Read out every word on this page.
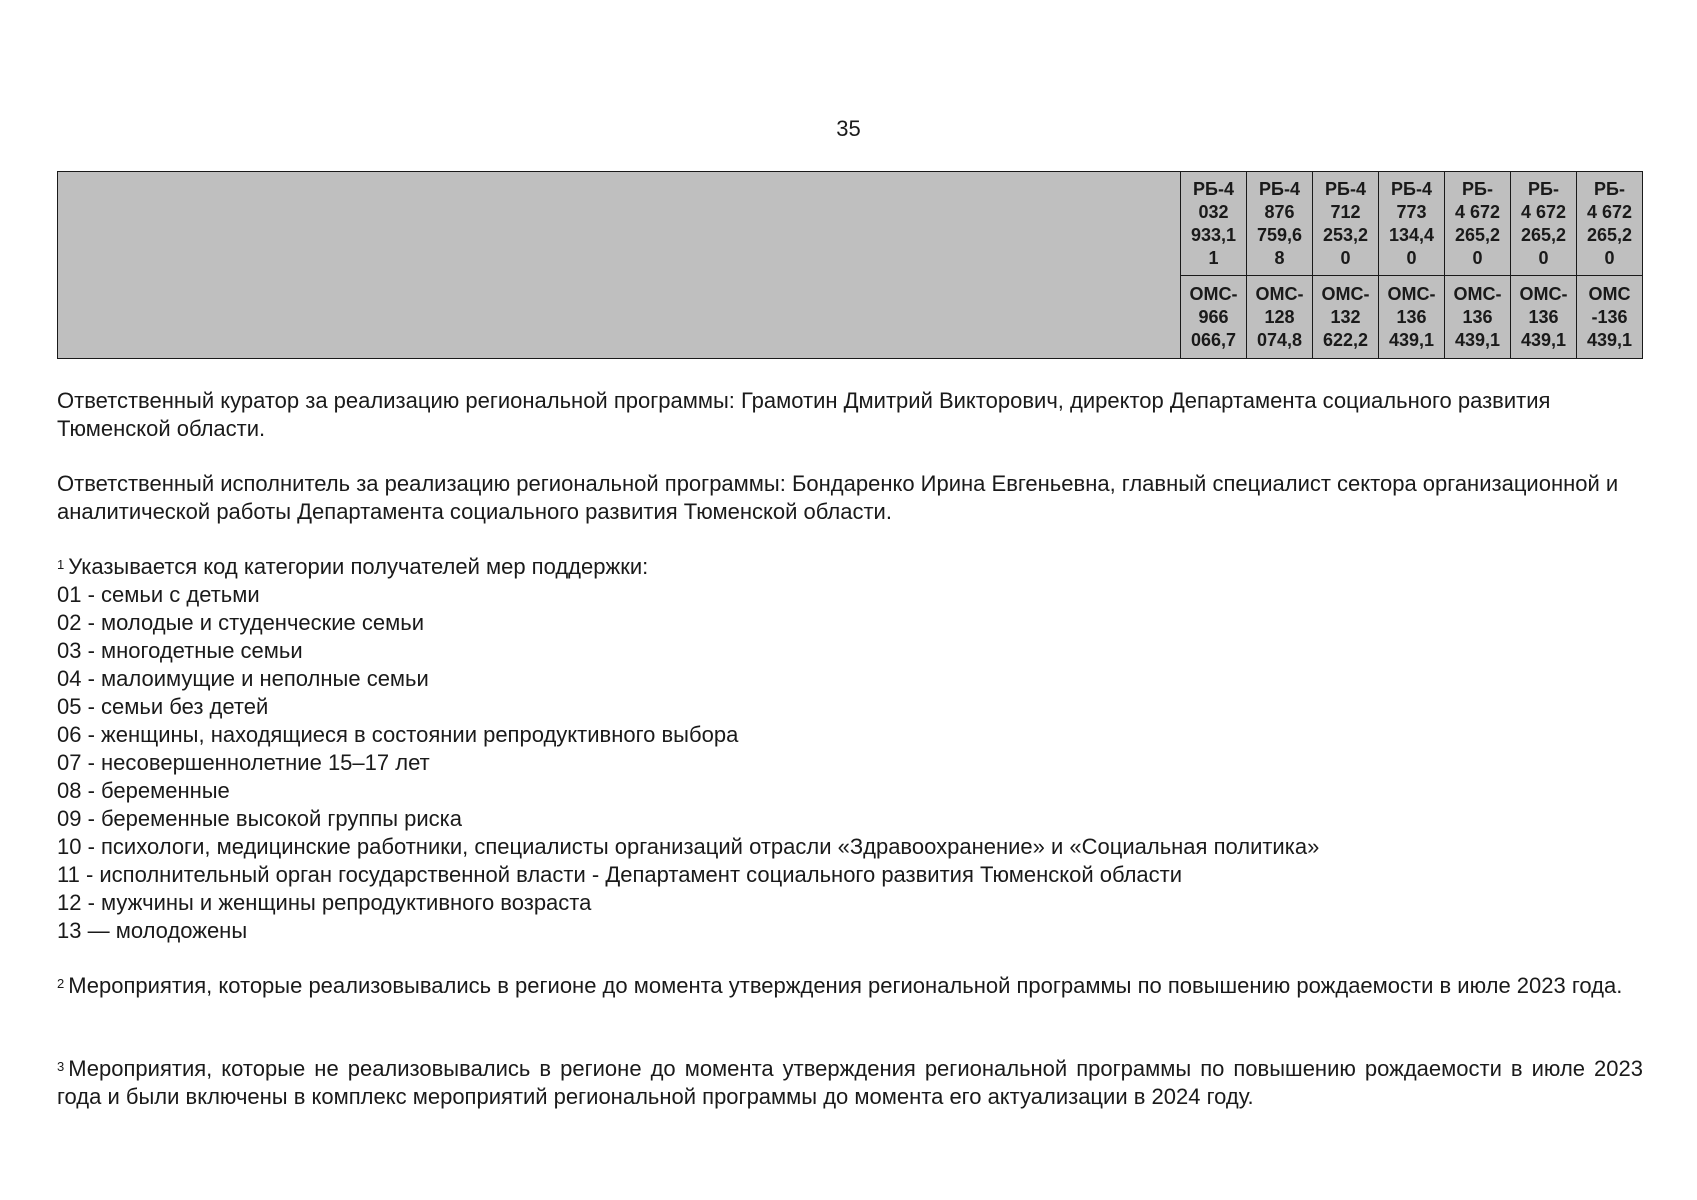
35
	РБ-4
032
933,1
1	РБ-4
876
759,6
8	РБ-4
712
253,2
0	РБ-4
773
134,4
0	РБ-
4 672
265,2
0	РБ-
4 672
265,2
0	РБ-
4 672
265,2
0
	ОМС-
966
066,7	ОМС-
128
074,8	ОМС-
132
622,2	ОМС-
136
439,1	ОМС-
136
439,1	ОМС-
136
439,1	ОМС
-136
439,1

Ответственный куратор за реализацию региональной программы: Грамотин Дмитрий Викторович, директор Департамента социального развития Тюменской области.

Ответственный исполнитель за реализацию региональной программы: Бондаренко Ирина Евгеньевна, главный специалист сектора организационной и аналитической работы Департамента социального развития Тюменской области.

$^1$ Указывается код категории получателей мер поддержки:

01 - семьи с детьми
02 - молодые и студенческие семьи
03 - многодетные семьи
04 - малоимущие и неполные семьи
05 - семьи без детей
06 - женщины, находящиеся в состоянии репродуктивного выбора
07 - несовершеннолетние 15–17 лет
08 - беременные
09 - беременные высокой группы риска
10 - психологи, медицинские работники, специалисты организаций отрасли «Здравоохранение» и «Социальная политика»
11 - исполнительный орган государственной власти - Департамент социального развития Тюменской области
12 - мужчины и женщины репродуктивного возраста
13 — молодожены

$^2$ Мероприятия, которые реализовывались в регионе до момента утверждения региональной программы по повышению рождаемости в июле 2023 года.

$^3$ Мероприятия, которые не реализовывались в регионе до момента утверждения региональной программы по повышению рождаемости в июле 2023 года и были включены в комплекс мероприятий региональной программы до момента его актуализации в 2024 году.
